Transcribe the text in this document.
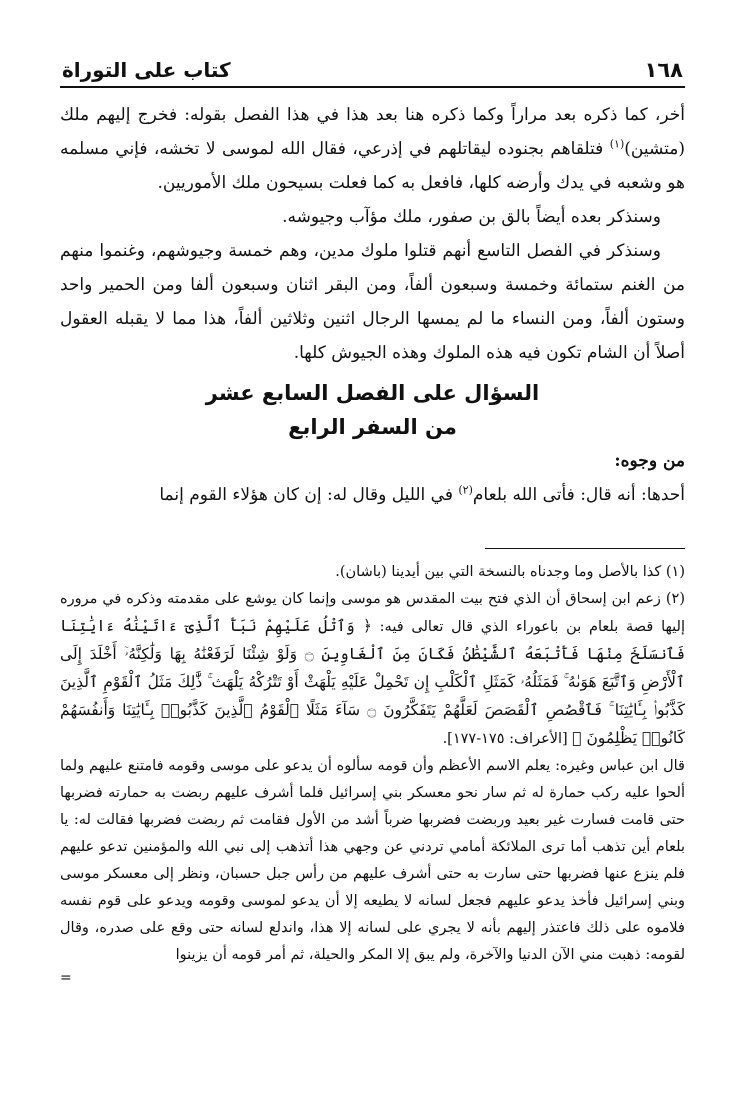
١٦٨
كتاب على التوراة

أخر، كما ذكره بعد مراراً وكما ذكره هنا بعد هذا في هذا الفصل بقوله: فخرج إليهم ملك (متشين)$^{(١)}$ فتلقاهم بجنوده ليقاتلهم في إذرعي، فقال الله لموسى لا تخشه، فإني مسلمه هو وشعبه في يدك وأرضه كلها، فافعل به كما فعلت بسيحون ملك الأموريين.

وسنذكر بعده أيضاً بالق بن صفور، ملك مؤآب وجيوشه.

وسنذكر في الفصل التاسع أنهم قتلوا ملوك مدين، وهم خمسة وجيوشهم، وغنموا منهم من الغنم ستمائة وخمسة وسبعون ألفاً، ومن البقر اثنان وسبعون ألفا ومن الحمير واحد وستون ألفاً، ومن النساء ما لم يمسها الرجال اثنين وثلاثين ألفاً، هذا مما لا يقبله العقول أصلاً أن الشام تكون فيه هذه الملوك وهذه الجيوش كلها.

السؤال على الفصل السابع عشر
من السفر الرابع

من وجوه:

أحدها: أنه قال: فأتى الله بلعام$^{(٢)}$ في الليل وقال له: إن كان هؤلاء القوم إنما

(١) كذا بالأصل وما وجدناه بالنسخة التي بين أيدينا (باشان).

(٢) زعم ابن إسحاق أن الذي فتح بيت المقدس هو موسى وإنما كان يوشع على مقدمته وذكره في مروره إليها قصة بلعام بن باعوراء الذي قال تعالى فيه: ﴿ وَٱتْلُ عَلَيْهِمْ نَبَأَ ٱلَّذِىٓ ءَاتَيْنَٰهُ ءَايَٰتِنَا فَٱنسَلَخَ مِنْهَا فَأَتْبَعَهُ ٱلشَّيْطَٰنُ فَكَانَ مِنَ ٱلْغَاوِينَ ۝ وَلَوْ شِئْنَا لَرَفَعْنَٰهُ بِهَا وَلَٰكِنَّهُۥٓ أَخْلَدَ إِلَى ٱلْأَرْضِ وَٱتَّبَعَ هَوَىٰهُ ۚ فَمَثَلُهُۥ كَمَثَلِ ٱلْكَلْبِ إِن تَحْمِلْ عَلَيْهِ يَلْهَثْ أَوْ تَتْرُكْهُ يَلْهَث ۚ ذَّٰلِكَ مَثَلُ ٱلْقَوْمِ ٱلَّذِينَ كَذَّبُوا۟ بِـَٔايَٰتِنَا ۚ فَٱقْصُصِ ٱلْقَصَصَ لَعَلَّهُمْ يَتَفَكَّرُونَ ۝ سَآءَ مَثَلًا ٱلْقَوْمُ ٱلَّذِينَ كَذَّبُوا۟ بِـَٔايَٰتِنَا وَأَنفُسَهُمْ كَانُوا۟ يَظْلِمُونَ ﴾ [الأعراف: ١٧٥-١٧٧].

قال ابن عباس وغيره: يعلم الاسم الأعظم وأن قومه سألوه أن يدعو على موسى وقومه فامتنع عليهم ولما ألحوا عليه ركب حمارة له ثم سار نحو معسكر بني إسرائيل فلما أشرف عليهم ربضت به حمارته فضربها حتى قامت فسارت غير بعيد وربضت فضربها ضرباً أشد من الأول فقامت ثم ربضت فضربها فقالت له: يا بلعام أين تذهب أما ترى الملائكة أمامي تردني عن وجهي هذا أتذهب إلى نبي الله والمؤمنين تدعو عليهم فلم ينزع عنها فضربها حتى سارت به حتى أشرف عليهم من رأس جبل حسبان، ونظر إلى معسكر موسى وبني إسرائيل فأخذ يدعو عليهم فجعل لسانه لا يطيعه إلا أن يدعو لموسى وقومه ويدعو على قوم نفسه فلاموه على ذلك فاعتذر إليهم بأنه لا يجري على لسانه إلا هذا، واندلع لسانه حتى وقع على صدره، وقال لقومه: ذهبت مني الآن الدنيا والآخرة، ولم يبق إلا المكر والحيلة، ثم أمر قومه أن يزينوا

=
